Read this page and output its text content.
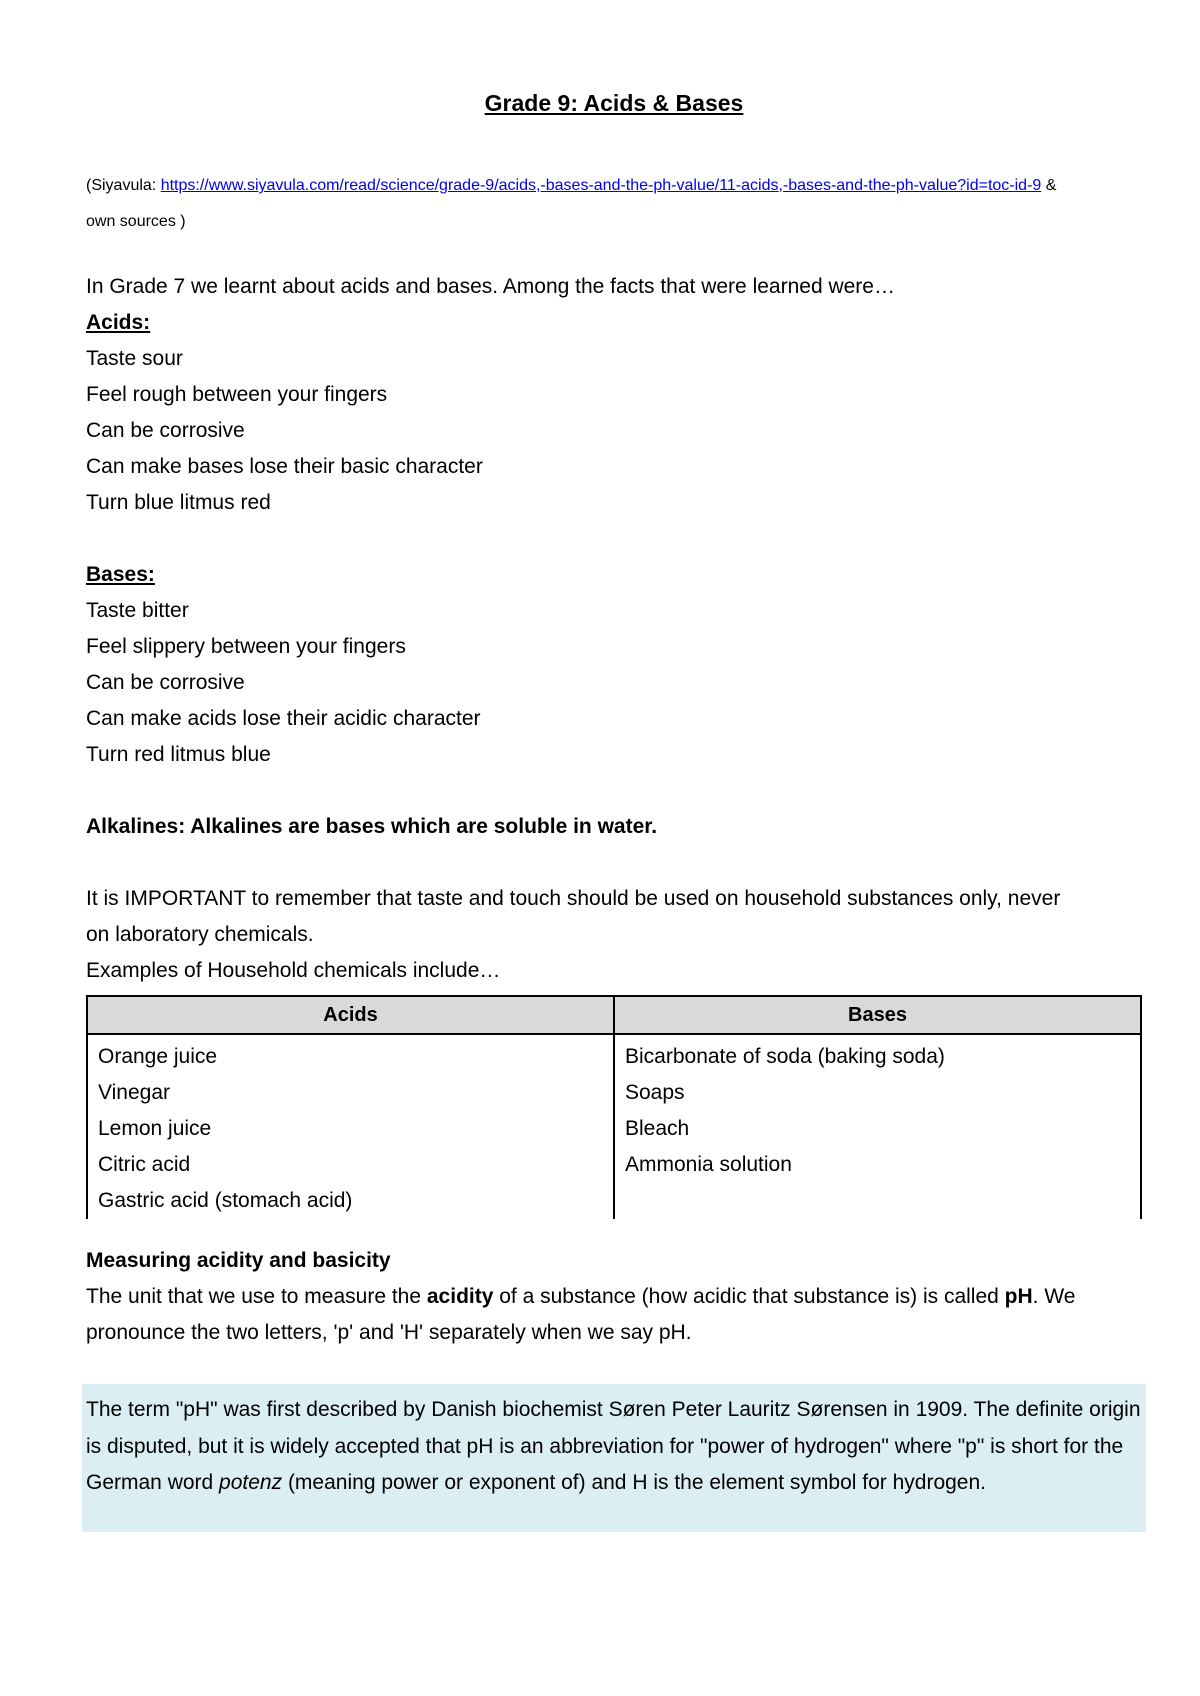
Grade 9: Acids & Bases
(Siyavula: https://www.siyavula.com/read/science/grade-9/acids,-bases-and-the-ph-value/11-acids,-bases-and-the-ph-value?id=toc-id-9 & own sources )
In Grade 7 we learnt about acids and bases. Among the facts that were learned were…
Acids:
Taste sour
Feel rough between your fingers
Can be corrosive
Can make bases lose their basic character
Turn blue litmus red
Bases:
Taste bitter
Feel slippery between your fingers
Can be corrosive
Can make acids lose their acidic character
Turn red litmus blue
Alkalines: Alkalines are bases which are soluble in water.
It is IMPORTANT to remember that taste and touch should be used on household substances only, never
on laboratory chemicals.
Examples of Household chemicals include…
Acids	Bases
Orange juice	Bicarbonate of soda (baking soda)
Vinegar	Soaps
Lemon juice	Bleach
Citric acid	Ammonia solution
Gastric acid (stomach acid)	
Measuring acidity and basicity
The unit that we use to measure the acidity of a substance (how acidic that substance is) is called pH. We
pronounce the two letters, 'p' and 'H' separately when we say pH.
The term "pH" was first described by Danish biochemist Søren Peter Lauritz Sørensen in 1909. The definite origin is disputed, but it is widely accepted that pH is an abbreviation for "power of hydrogen" where "p" is short for the German word potenz (meaning power or exponent of) and H is the element symbol for hydrogen.
